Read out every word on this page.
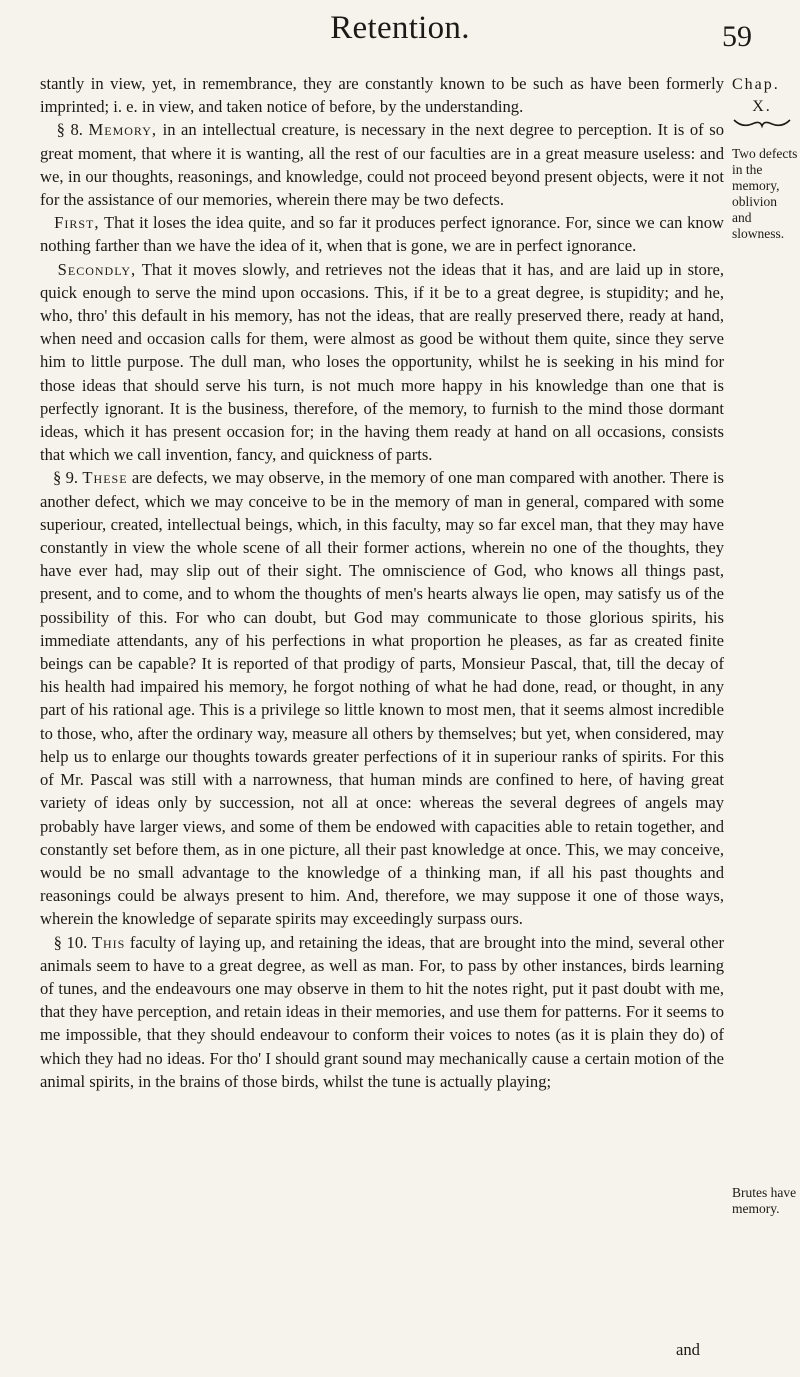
Retention.	59
Chap.

X.
Two defects in the memory, oblivion and slowness.
Brutes have memory.

stantly in view, yet, in remembrance, they are constantly known to be such as have been formerly imprinted; i. e. in view, and taken notice of before, by the understanding.

§ 8. Memory, in an intellectual creature, is necessary in the next degree to perception. It is of so great moment, that where it is wanting, all the rest of our faculties are in a great measure useless: and we, in our thoughts, reasonings, and knowledge, could not proceed beyond present objects, were it not for the assistance of our memories, wherein there may be two defects.

First, That it loses the idea quite, and so far it produces perfect ignorance. For, since we can know nothing farther than we have the idea of it, when that is gone, we are in perfect ignorance.

Secondly, That it moves slowly, and retrieves not the ideas that it has, and are laid up in store, quick enough to serve the mind upon occasions. This, if it be to a great degree, is stupidity; and he, who, thro' this default in his memory, has not the ideas, that are really preserved there, ready at hand, when need and occasion calls for them, were almost as good be without them quite, since they serve him to little purpose. The dull man, who loses the opportunity, whilst he is seeking in his mind for those ideas that should serve his turn, is not much more happy in his knowledge than one that is perfectly ignorant. It is the business, therefore, of the memory, to furnish to the mind those dormant ideas, which it has present occasion for; in the having them ready at hand on all occasions, consists that which we call invention, fancy, and quickness of parts.

§ 9. These are defects, we may observe, in the memory of one man compared with another. There is another defect, which we may conceive to be in the memory of man in general, compared with some superiour, created, intellectual beings, which, in this faculty, may so far excel man, that they may have constantly in view the whole scene of all their former actions, wherein no one of the thoughts, they have ever had, may slip out of their sight. The omniscience of God, who knows all things past, present, and to come, and to whom the thoughts of men's hearts always lie open, may satisfy us of the possibility of this. For who can doubt, but God may communicate to those glorious spirits, his immediate attendants, any of his perfections in what proportion he pleases, as far as created finite beings can be capable? It is reported of that prodigy of parts, Monsieur Pascal, that, till the decay of his health had impaired his memory, he forgot nothing of what he had done, read, or thought, in any part of his rational age. This is a privilege so little known to most men, that it seems almost incredible to those, who, after the ordinary way, measure all others by themselves; but yet, when considered, may help us to enlarge our thoughts towards greater perfections of it in superiour ranks of spirits. For this of Mr. Pascal was still with a narrowness, that human minds are confined to here, of having great variety of ideas only by succession, not all at once: whereas the several degrees of angels may probably have larger views, and some of them be endowed with capacities able to retain together, and constantly set before them, as in one picture, all their past knowledge at once. This, we may conceive, would be no small advantage to the knowledge of a thinking man, if all his past thoughts and reasonings could be always present to him. And, therefore, we may suppose it one of those ways, wherein the knowledge of separate spirits may exceedingly surpass ours.

§ 10. This faculty of laying up, and retaining the ideas, that are brought into the mind, several other animals seem to have to a great degree, as well as man. For, to pass by other instances, birds learning of tunes, and the endeavours one may observe in them to hit the notes right, put it past doubt with me, that they have perception, and retain ideas in their memories, and use them for patterns. For it seems to me impossible, that they should endeavour to conform their voices to notes (as it is plain they do) of which they had no ideas. For tho' I should grant sound may mechanically cause a certain motion of the animal spirits, in the brains of those birds, whilst the tune is actually playing;

and
